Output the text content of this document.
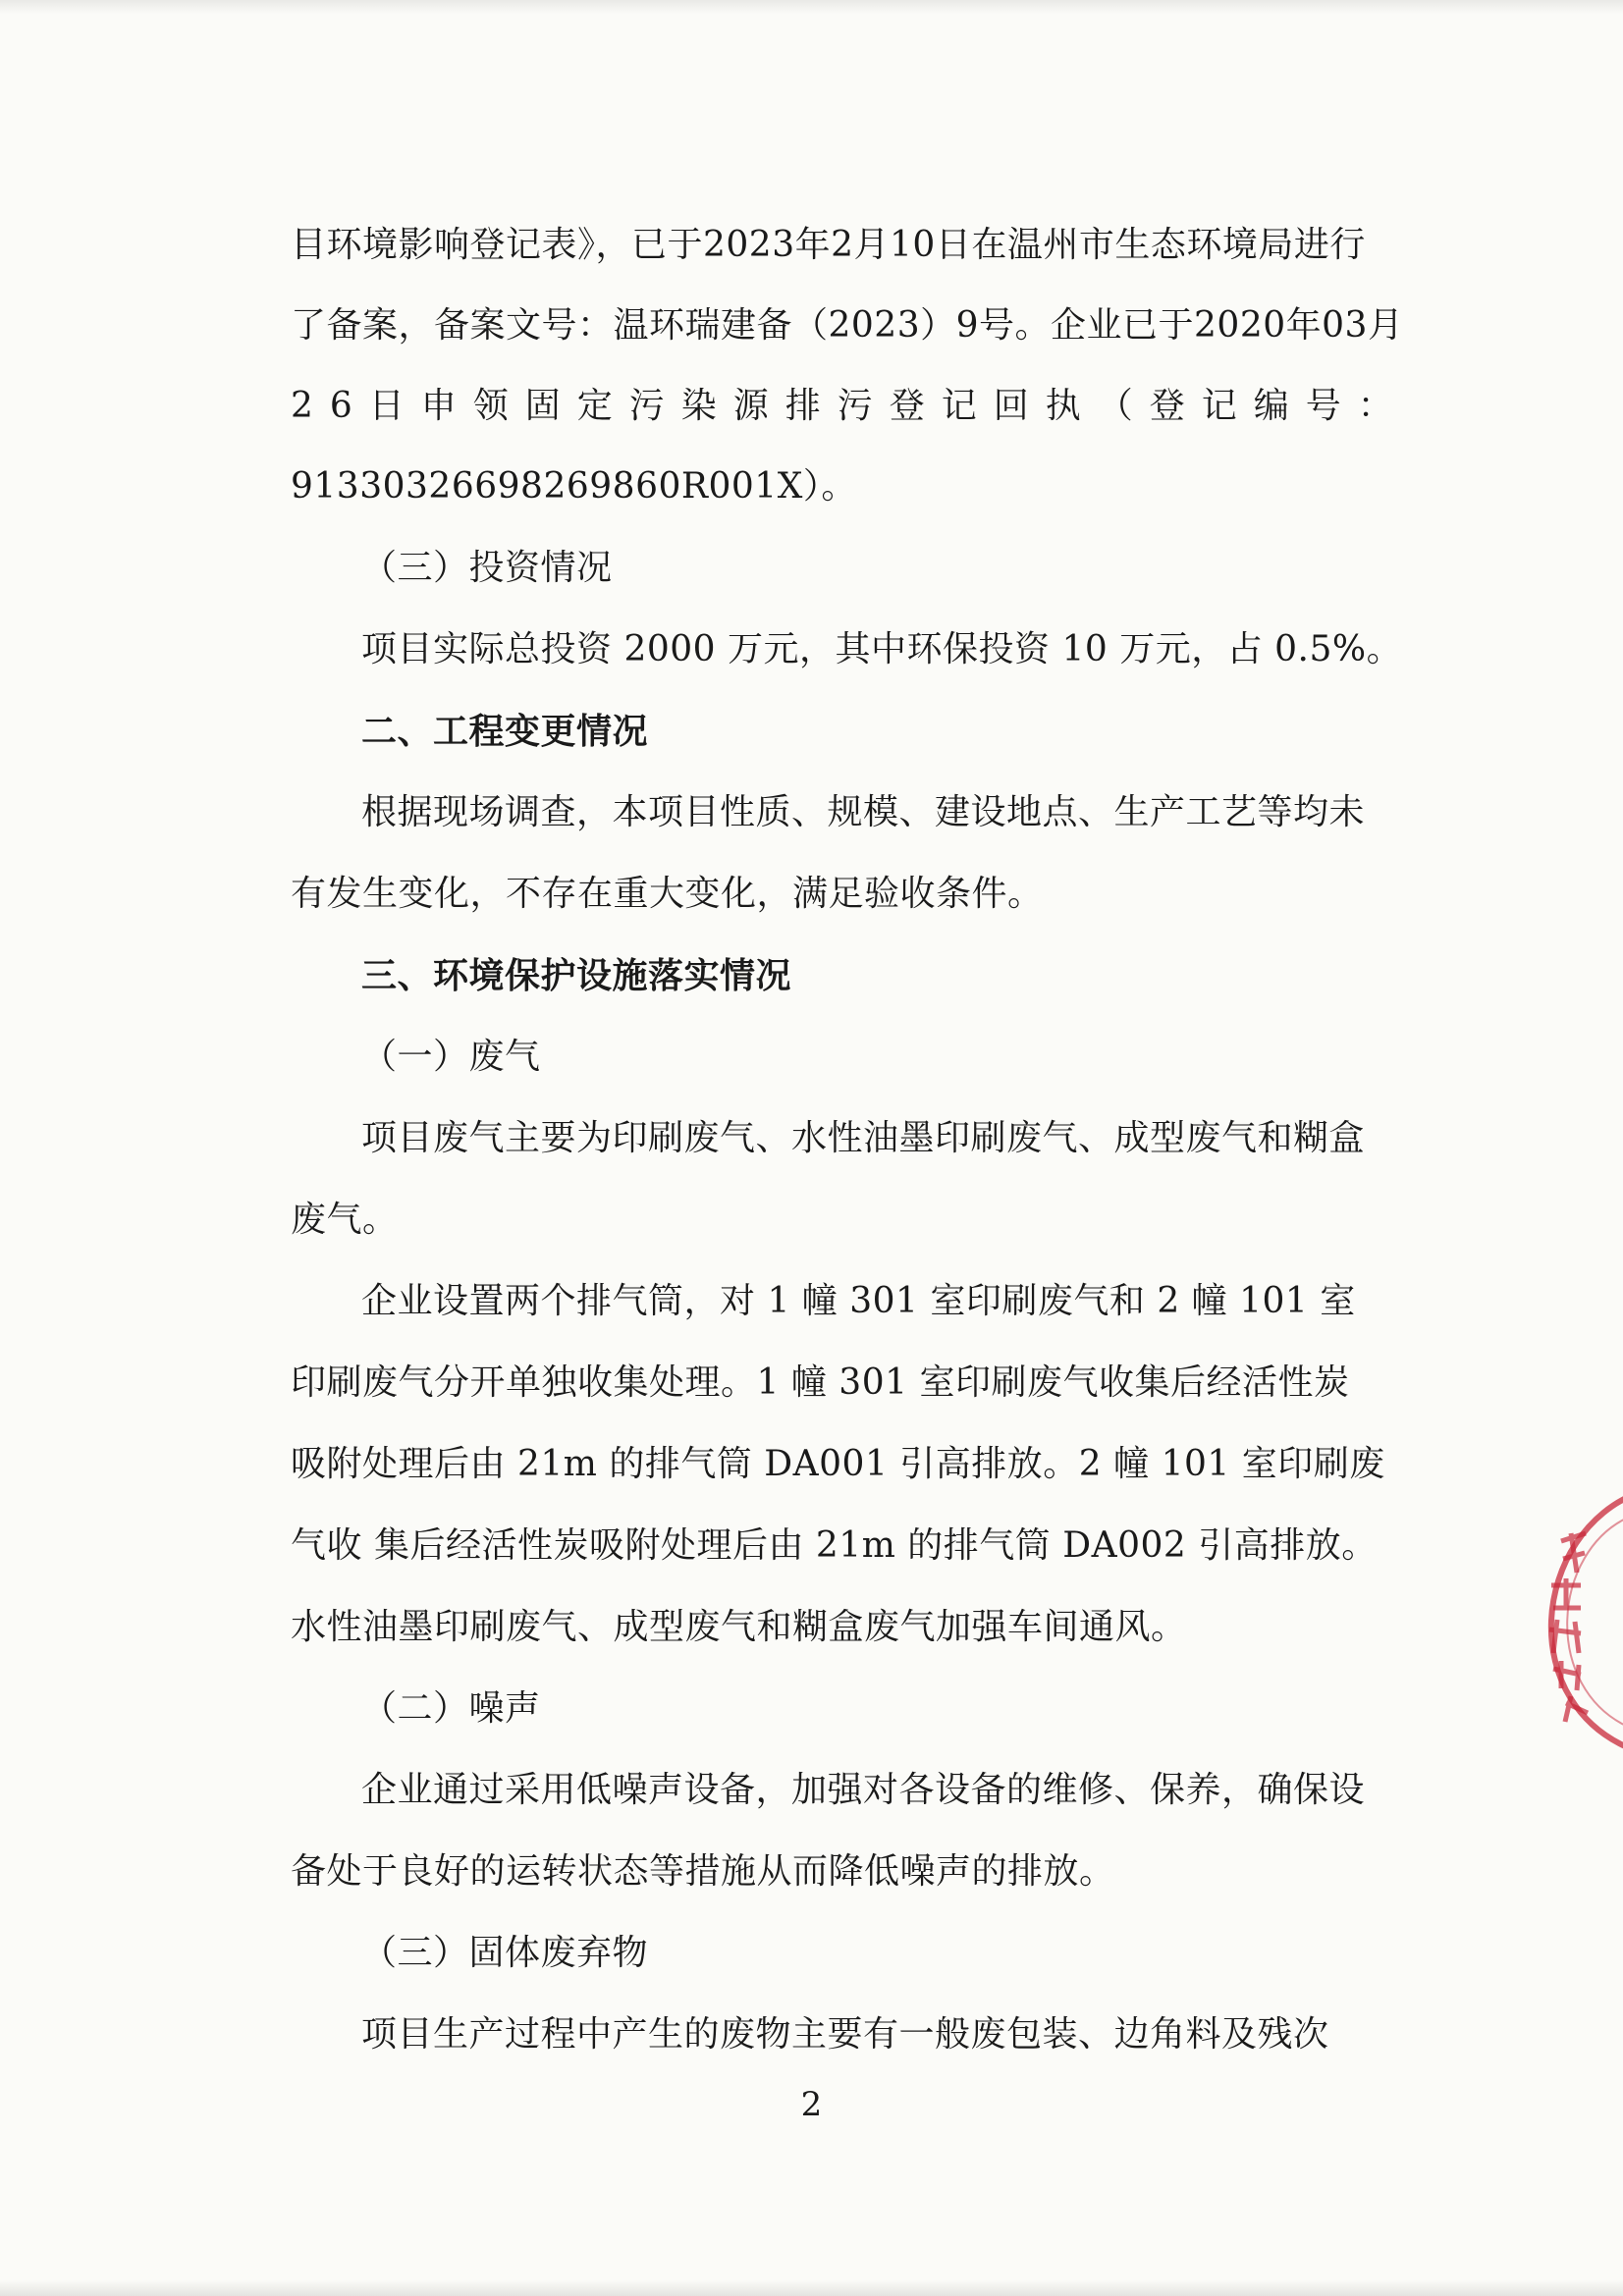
目环境影响登记表》，已于2023年2月10日在温州市生态环境局进行
了备案，备案文号：温环瑞建备（2023）9号。企业已于2020年03月
26日申领固定污染源排污登记回执（登记编号：
91330326698269860R001X）。
（三）投资情况
项目实际总投资 2000 万元，其中环保投资 10 万元，占 0.5%。
二、工程变更情况
根据现场调查，本项目性质、规模、建设地点、生产工艺等均未
有发生变化，不存在重大变化，满足验收条件。
三、环境保护设施落实情况
（一）废气
项目废气主要为印刷废气、水性油墨印刷废气、成型废气和糊盒
废气。
企业设置两个排气筒，对 1 幢 301 室印刷废气和 2 幢 101 室
印刷废气分开单独收集处理。1 幢 301 室印刷废气收集后经活性炭
吸附处理后由 21m 的排气筒 DA001 引高排放。2 幢 101 室印刷废
气收 集后经活性炭吸附处理后由 21m 的排气筒 DA002 引高排放。
水性油墨印刷废气、成型废气和糊盒废气加强车间通风。
（二）噪声
企业通过采用低噪声设备，加强对各设备的维修、保养，确保设
备处于良好的运转状态等措施从而降低噪声的排放。
（三）固体废弃物
项目生产过程中产生的废物主要有一般废包装、边角料及残次
2
